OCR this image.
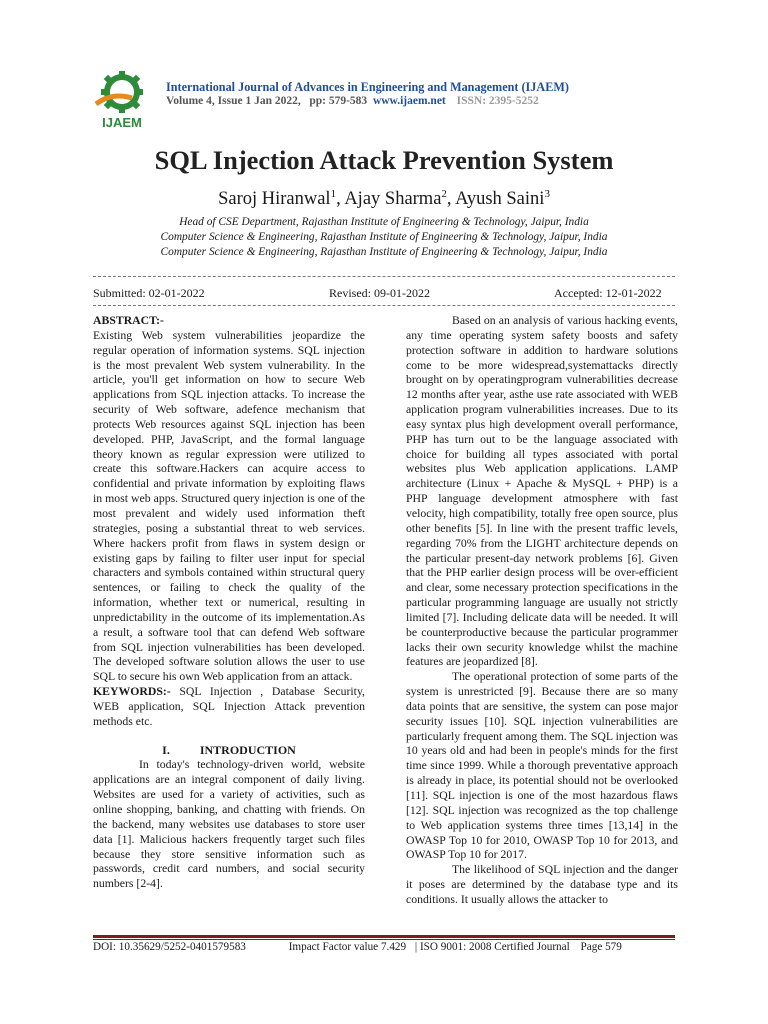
IJAEM
International Journal of Advances in Engineering and Management (IJAEM)
Volume 4, Issue 1 Jan 2022, pp: 579-583 www.ijaem.net ISSN: 2395-5252
SQL Injection Attack Prevention System
Saroj Hiranwal$^1$, Ajay Sharma$^2$, Ayush Saini$^3$
Head of CSE Department, Rajasthan Institute of Engineering & Technology, Jaipur, India
Computer Science & Engineering, Rajasthan Institute of Engineering & Technology, Jaipur, India
Computer Science & Engineering, Rajasthan Institute of Engineering & Technology, Jaipur, India
Submitted: 02-01-2022	Revised: 09-01-2022	Accepted: 12-01-2022

ABSTRACT:-

Existing Web system vulnerabilities jeopardize the regular operation of information systems. SQL injection is the most prevalent Web system vulnerability. In the article, you'll get information on how to secure Web applications from SQL injection attacks. To increase the security of Web software, adefence mechanism that protects Web resources against SQL injection has been developed. PHP, JavaScript, and the formal language theory known as regular expression were utilized to create this software.Hackers can acquire access to confidential and private information by exploiting flaws in most web apps. Structured query injection is one of the most prevalent and widely used information theft strategies, posing a substantial threat to web services. Where hackers profit from flaws in system design or existing gaps by failing to filter user input for special characters and symbols contained within structural query sentences, or failing to check the quality of the information, whether text or numerical, resulting in unpredictability in the outcome of its implementation.As a result, a software tool that can defend Web software from SQL injection vulnerabilities has been developed. The developed software solution allows the user to use SQL to secure his own Web application from an attack.

KEYWORDS:- SQL Injection , Database Security, WEB application, SQL Injection Attack prevention methods etc.

I.	INTRODUCTION

In today's technology-driven world, website applications are an integral component of daily living. Websites are used for a variety of activities, such as online shopping, banking, and chatting with friends. On the backend, many websites use databases to store user data [1]. Malicious hackers frequently target such files because they store sensitive information such as passwords, credit card numbers, and social security numbers [2-4].

Based on an analysis of various hacking events, any time operating system safety boosts and safety protection software in addition to hardware solutions come to be more widespread,systemattacks directly brought on by operatingprogram vulnerabilities decrease 12 months after year, asthe use rate associated with WEB application program vulnerabilities increases. Due to its easy syntax plus high development overall performance, PHP has turn out to be the language associated with choice for building all types associated with portal websites plus Web application applications. LAMP architecture (Linux + Apache & MySQL + PHP) is a PHP language development atmosphere with fast velocity, high compatibility, totally free open source, plus other benefits [5]. In line with the present traffic levels, regarding 70% from the LIGHT architecture depends on the particular present-day network problems [6]. Given that the PHP earlier design process will be over-efficient and clear, some necessary protection specifications in the particular programming language are usually not strictly limited [7]. Including delicate data will be needed. It will be counterproductive because the particular programmer lacks their own security knowledge whilst the machine features are jeopardized [8].

The operational protection of some parts of the system is unrestricted [9]. Because there are so many data points that are sensitive, the system can pose major security issues [10]. SQL injection vulnerabilities are particularly frequent among them. The SQL injection was 10 years old and had been in people's minds for the first time since 1999. While a thorough preventative approach is already in place, its potential should not be overlooked [11]. SQL injection is one of the most hazardous flaws [12]. SQL injection was recognized as the top challenge to Web application systems three times [13,14] in the OWASP Top 10 for 2010, OWASP Top 10 for 2013, and OWASP Top 10 for 2017.

The likelihood of SQL injection and the danger it poses are determined by the database type and its conditions. It usually allows the attacker to

DOI: 10.35629/5252-0401579583	Impact Factor value 7.429 | ISO 9001: 2008 Certified Journal Page 579
